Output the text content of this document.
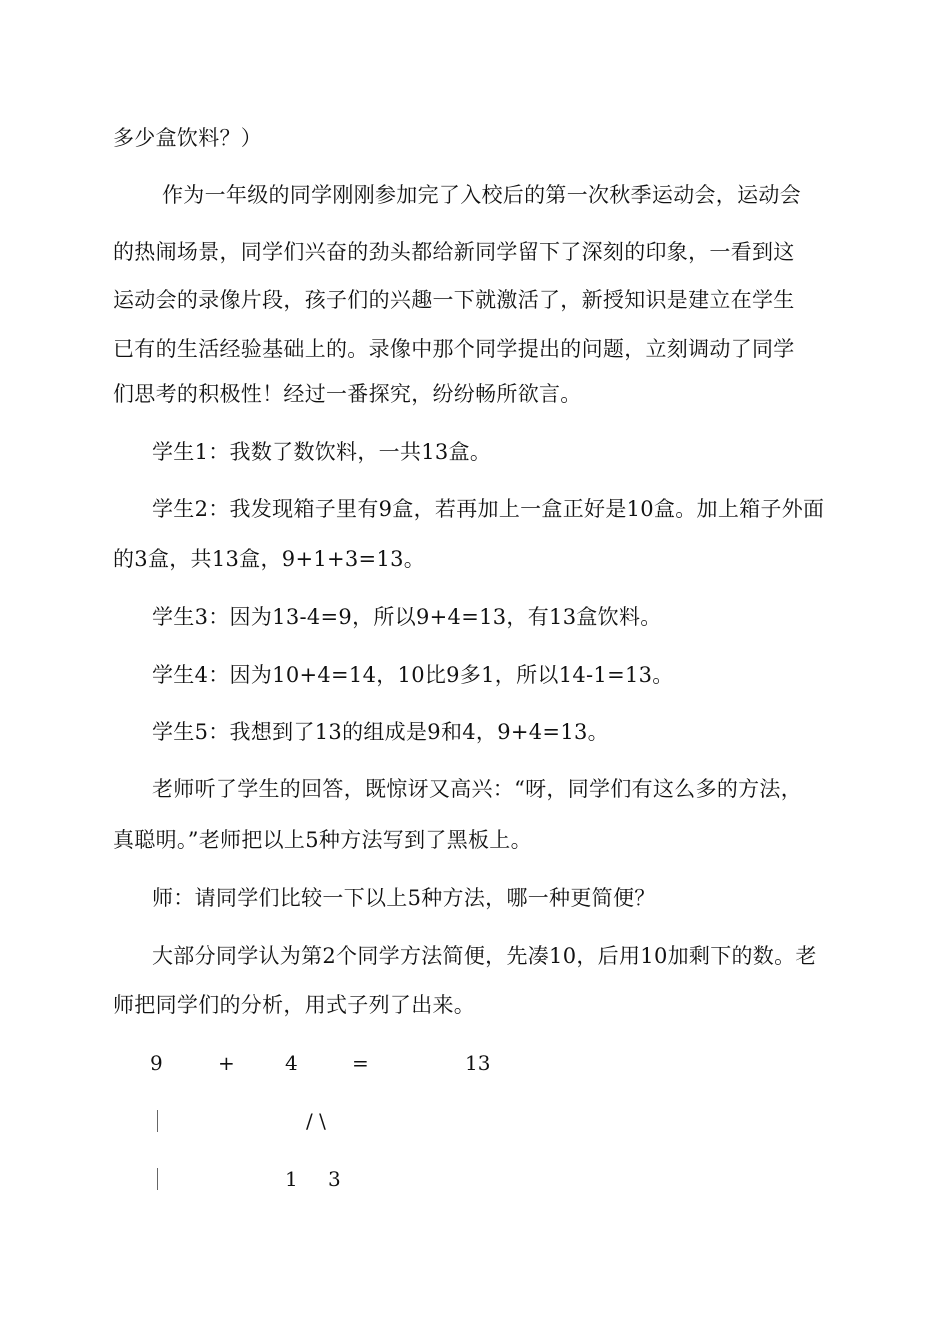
多少盒饮料？）
作为一年级的同学刚刚参加完了入校后的第一次秋季运动会，运动会
的热闹场景，同学们兴奋的劲头都给新同学留下了深刻的印象，一看到这
运动会的录像片段，孩子们的兴趣一下就激活了，新授知识是建立在学生
已有的生活经验基础上的。录像中那个同学提出的问题，立刻调动了同学
们思考的积极性！经过一番探究，纷纷畅所欲言。
学生1：我数了数饮料，一共13盒。
学生2：我发现箱子里有9盒，若再加上一盒正好是10盒。加上箱子外面
的3盒，共13盒，9+1+3=13。
学生3：因为13-4=9，所以9+4=13，有13盒饮料。
学生4：因为10+4=14，10比9多1，所以14-1=13。
学生5：我想到了13的组成是9和4，9+4=13。
老师听了学生的回答，既惊讶又高兴：“呀，同学们有这么多的方法，
真聪明。”老师把以上5种方法写到了黑板上。
师：请同学们比较一下以上5种方法，哪一种更简便？
大部分同学认为第2个同学方法简便，先凑10，后用10加剩下的数。老
师把同学们的分析，用式子列了出来。
9	+	4	=	13
/ \
1 3
